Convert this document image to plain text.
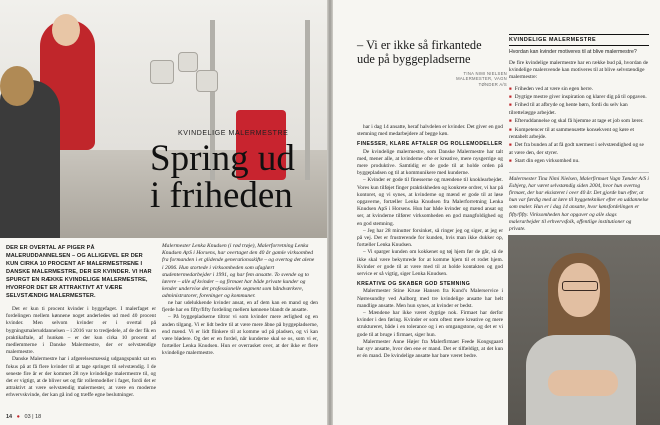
KVINDELIGE MALERMESTRE
Spring ud
i friheden
DER ER OVERTAL AF PIGER PÅ MALERUDDANNELSEN – OG ALLIGEVEL ER DER KUN CIRKA 10 PROCENT AF MALERMESTRENE I DANSKE MALERMESTRE, DER ER KVINDER. VI HAR SPURGT EN RÆKKE KVINDELIGE MALERMESTRE, HVORFOR DET ER ATTRAKTIVT AT VÆRE SELVSTÆNDIG MALERMESTER.
Malermester Lenka Knudsen (i rød trøje), Malerforretning Lenka Knudsen ApS i Horsens, har overtaget den 40 år gamle virksomhed fra formanden i et glidende generationsskifte – og overtog det alene i 2006. Hun stortede i virksomheden som ufaglært studentermedarbejder i 1991, og har fem ansatte. To svende og to lærere – alle af kvinder – og firmaet har både private kunder og kender undervise det professionelle segment som håndværkere, administratorer, foreninger og kommuner.

Det er kun ti procent kvinder i byggefaget. I malerfaget er fordelingen mellem kønnene noget anderledes ud med 40 procent kvinder. Men selvom kvinder er i overtal på bygningsmaleruddannelsen – i 2016 var to tredjedele, af de der fik en praktikaftale, af hunkøn – er der kun cirka 10 procent af medlemmerne i Danske Malermestre, der er selvstændige malermestre.

Danske Malermestre har i afgørelsesmæssig udgangspunkt sat en fokus på at få flere kvinder til at tage springet til selvstændig. I de seneste fire år er der kommet 28 nye kvindelige malermestre til, og det er vigtigt, at de bliver set og får rollemodeller i faget, fordi det er attraktivt at være selvstændig malermester, at være en moderne erhvervskvinde, der kan gå ind og træffe egne beslutninger.

ne har udelukkende kvinder ansat, en af dem kan en mand og den fjerde har en fifty/fifty fordeling mellem kønnene blandt de ansatte.

– På byggepladserne tiltror vi som kvinder mere ærlighed og en anden tilgang. Vi er lidt bedre til at være mere åbne på byggepladserne, end mænd. Vi er lidt flinkere til at komme ud på pladsen, og vi kan være blødere. Og det er en fordel, når kunderne skal se os, som vi er, fortæller Lenka Knudsen. Hun er overrasket over, at der ikke er flere kvindelige malermestre.

14 ● 03 | 18
– Vi er ikke så firkantede ude på byggepladserne
TINA NIMI NIELSEN MALERMESTER, VAGN TØNDER A/S

har i dag 14 ansatte, heraf halvdelen er kvinder. Det giver en god stemning med medarbejdere af begge køn.

FINESSER, KLARE AFTALER OG ROLLEMODELLER

De kvindelige malermestre, som Danske Malermestre har talt med, mener alle, at kvinderne ofte er kreative, mere nysgerrige og mere produktive. Samtidig er de gode til at holde orden på byggepladsen og til at kommunikere med kunderne.

– Kvinder er gode til finesserne og mændene til knoklearbejdet. Vores kun tilføjet finger praktiskheden og konkrete ordrer, vi har på kontoret, og vi synes, at kvinderne og mænd er gode til at løse opgaverne, fortæller Lenka Knudsen fra Malerforretning Lenka Knudsen ApS i Horsens. Hun har både kvinder og mænd ansat og ser, at kvinderne tilfører virksomheden en god mangfoldighed og en god stemning.

– Jeg har 28 minutter forsinket, så ringer jeg og siger, at jeg er på vej. Det er frustrerende for kunden, hvis man ikke dukker op, fortæller Lenka Knudsen.

– Vi sparger kunden om kokkenet og tøj hjem før de går, så de ikke skal være bekymrede for at komme hjem til et rodet hjem. Kvinder er gode til at være med til at holde kontakten og god service er så vigtig, siger Lenka Knudsen.

KREATIVE OG SKABER GOD STEMNING

Malermester Stine Kruse Hansen fra Kund’s Malerservice i Nørresundby ved Aalborg med tre kvindelige ansatte har helt mandlige ansatte. Men hun synes, at kvinder er bedst.

– Mændene har ikke været dygtige nok. Firmaet har derfor kvinder i den føring. Kvinder er som oftest mere kreative og mere struktureret, både i en tolerance og i en omgangstone, og det er vi gode til at bruge i firmaet, siger hun.

Malermester Anne Højer fra Malerfirmaet Feede Kongsgaard har syv ansatte, hvor den ene er mand. Det er tilfældigt, at det kun er én mand. De kvindelige ansatte har bare været bedre.

KVINDELIGE MALERMESTRE
Hvordan kan kvinder motiveres til at blive malermestre?
De fire kvindelige malermestre har en række bud på, hvordan de kvindelige malersvende kan motiveres til at blive selvstændige malermestre:
■ Friheden ved at være sin egen herre.
■ Dygtige mestre giver inspiration og klarer dig på til opgaven.
■ Frihed til at afbryde og hente børn, fordi du selv kan tilrettelægge arbejdet.
■ Efteruddannelse og skal få hjemme at tage et job som lærer.
■ Kompetencer til at sammensætte konsekvent og køre et rentabelt arbejde.
■ Det fra bunden af at få godt nærmest i selvstændighed og se at være den, der styrer.
■ Start din egen virksomhed nu.
Malermester Tina Nimi Nielsen, Malerfirmaet Vagn Tønder A/S i Esbjerg, har været selvstændig siden 2004, hvor hun overtog firmaet, der har eksisteret i over 40 år. Det gjorde hun efter, at hun var færdig med at lære til byggetekniker efter en uddannelse som maler. Hun er i dag 14 ansatte, hvor kønsfordelingen er fifty/fifty. Virksomheden har opgaver og alle slags malerarbejder til erhvervsfolk, offentlige institutioner og private.
